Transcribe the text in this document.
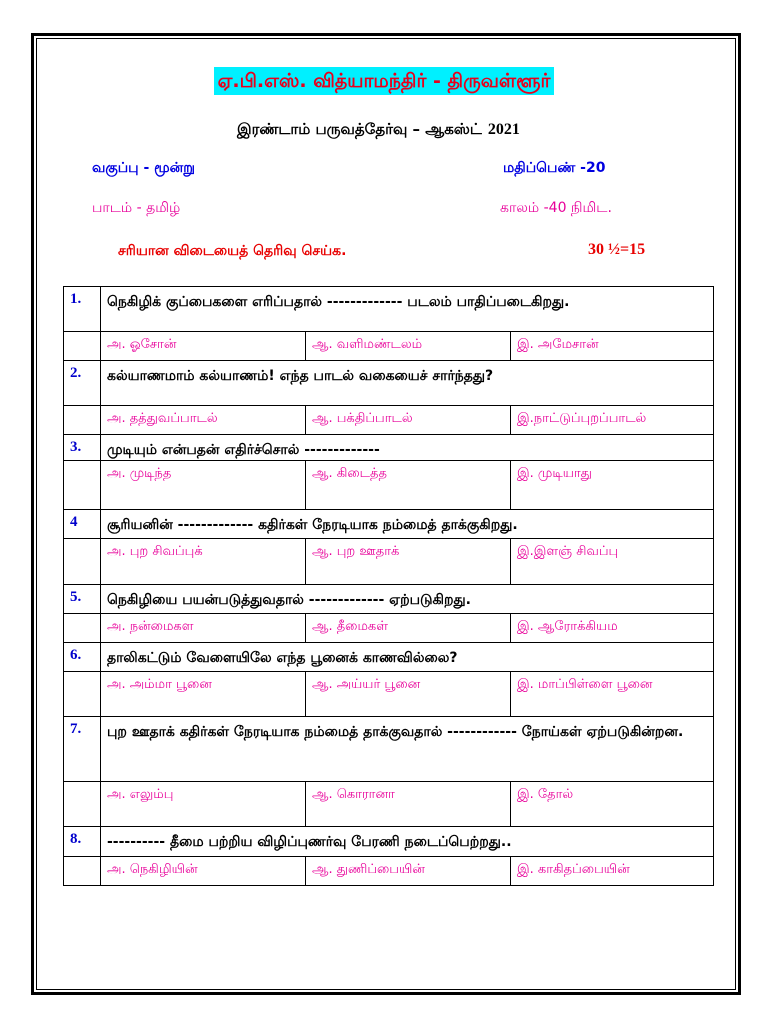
ஏ.பி.எஸ். வித்யாமந்திர் - திருவள்ளூர்
இரண்டாம் பருவத்தேர்வு – ஆகஸ்ட் 2021
வகுப்பு - மூன்று	மதிப்பெண் -20
பாடம் - தமிழ்	காலம் -40 நிமிட.
சரியான விடையைத் தெரிவு செய்க.	30 ½=15
1.	நெகிழிக் குப்பைகளை எரிப்பதால் ------------- படலம் பாதிப்படைகிறது.		
	அ. ஓசோன்	ஆ. வளிமண்டலம்	இ. அமேசான்
2.	கல்யாணமாம் கல்யாணம்! எந்த பாடல் வகையைச் சார்ந்தது?		
	அ. தத்துவப்பாடல்	ஆ. பக்திப்பாடல்	இ.நாட்டுப்புறப்பாடல்
3.	முடியும் என்பதன் எதிர்ச்சொல் -------------		
	அ. முடிந்த	ஆ. கிடைத்த	இ. முடியாது
4	சூரியனின் ------------- கதிர்கள் நேரடியாக நம்மைத் தாக்குகிறது.		
	அ. புற சிவப்புக்	ஆ. புற ஊதாக்	இ.இளஞ் சிவப்பு
5.	நெகிழியை பயன்படுத்துவதால் ------------- ஏற்படுகிறது.		
	அ. நன்மைகள	ஆ. தீமைகள்	இ. ஆரோக்கியம
6.	தாலிகட்டும் வேளையிலே எந்த பூனைக் காணவில்லை?		
	அ. அம்மா பூனை	ஆ. அய்யர் பூனை	இ. மாப்பிள்ளை பூனை
7.	புற ஊதாக் கதிர்கள் நேரடியாக நம்மைத் தாக்குவதால் ------------ நோய்கள் ஏற்படுகின்றன.		
	அ. எலும்பு	ஆ. கொரானா	இ. தோல்
8.	---------- தீமை பற்றிய விழிப்புணர்வு பேரணி நடைப்பெற்றது..		
	அ. நெகிழியின்	ஆ. துணிப்பையின்	இ. காகிதப்பையின்
